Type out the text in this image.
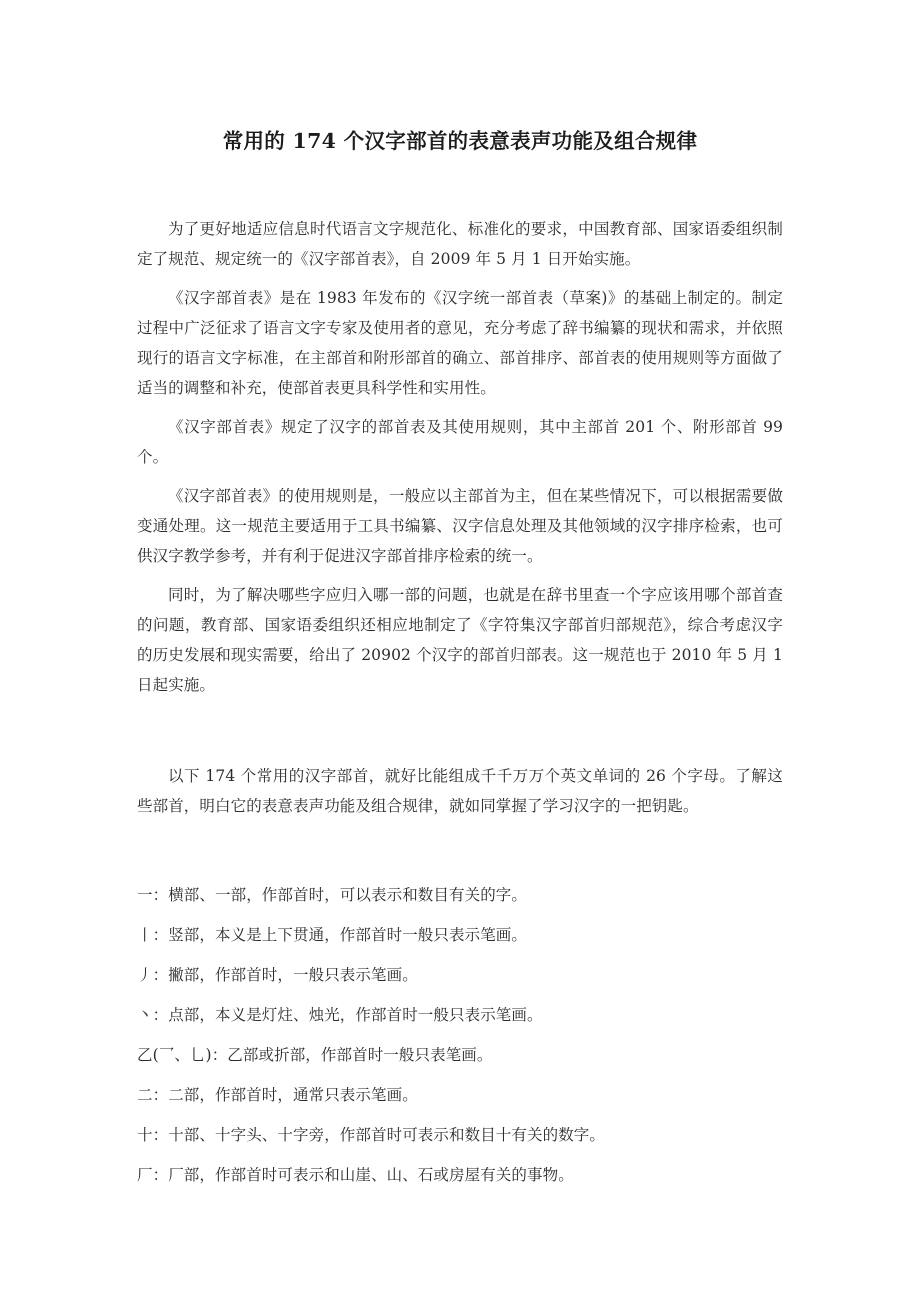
常用的 174 个汉字部首的表意表声功能及组合规律

为了更好地适应信息时代语言文字规范化、标准化的要求，中国教育部、国家语委组织制定了规范、规定统一的《汉字部首表》，自 2009 年 5 月 1 日开始实施。

《汉字部首表》是在 1983 年发布的《汉字统一部首表（草案)》的基础上制定的。制定过程中广泛征求了语言文字专家及使用者的意见，充分考虑了辞书编纂的现状和需求，并依照现行的语言文字标准，在主部首和附形部首的确立、部首排序、部首表的使用规则等方面做了适当的调整和补充，使部首表更具科学性和实用性。

《汉字部首表》规定了汉字的部首表及其使用规则，其中主部首 201 个、附形部首 99 个。

《汉字部首表》的使用规则是，一般应以主部首为主，但在某些情况下，可以根据需要做变通处理。这一规范主要适用于工具书编纂、汉字信息处理及其他领域的汉字排序检索，也可供汉字教学参考，并有利于促进汉字部首排序检索的统一。

同时，为了解决哪些字应归入哪一部的问题，也就是在辞书里查一个字应该用哪个部首查的问题，教育部、国家语委组织还相应地制定了《字符集汉字部首归部规范》，综合考虑汉字的历史发展和现实需要，给出了 20902 个汉字的部首归部表。这一规范也于 2010 年 5 月 1 日起实施。

以下 174 个常用的汉字部首，就好比能组成千千万万个英文单词的 26 个字母。了解这些部首，明白它的表意表声功能及组合规律，就如同掌握了学习汉字的一把钥匙。

一：横部、一部，作部首时，可以表示和数目有关的字。

丨：竖部，本义是上下贯通，作部首时一般只表示笔画。

丿：撇部，作部首时，一般只表示笔画。

丶：点部，本义是灯炷、烛光，作部首时一般只表示笔画。

乙(乛、乚)：乙部或折部，作部首时一般只表笔画。

二：二部，作部首时，通常只表示笔画。

十：十部、十字头、十字旁，作部首时可表示和数目十有关的数字。

厂：厂部，作部首时可表示和山崖、山、石或房屋有关的事物。
